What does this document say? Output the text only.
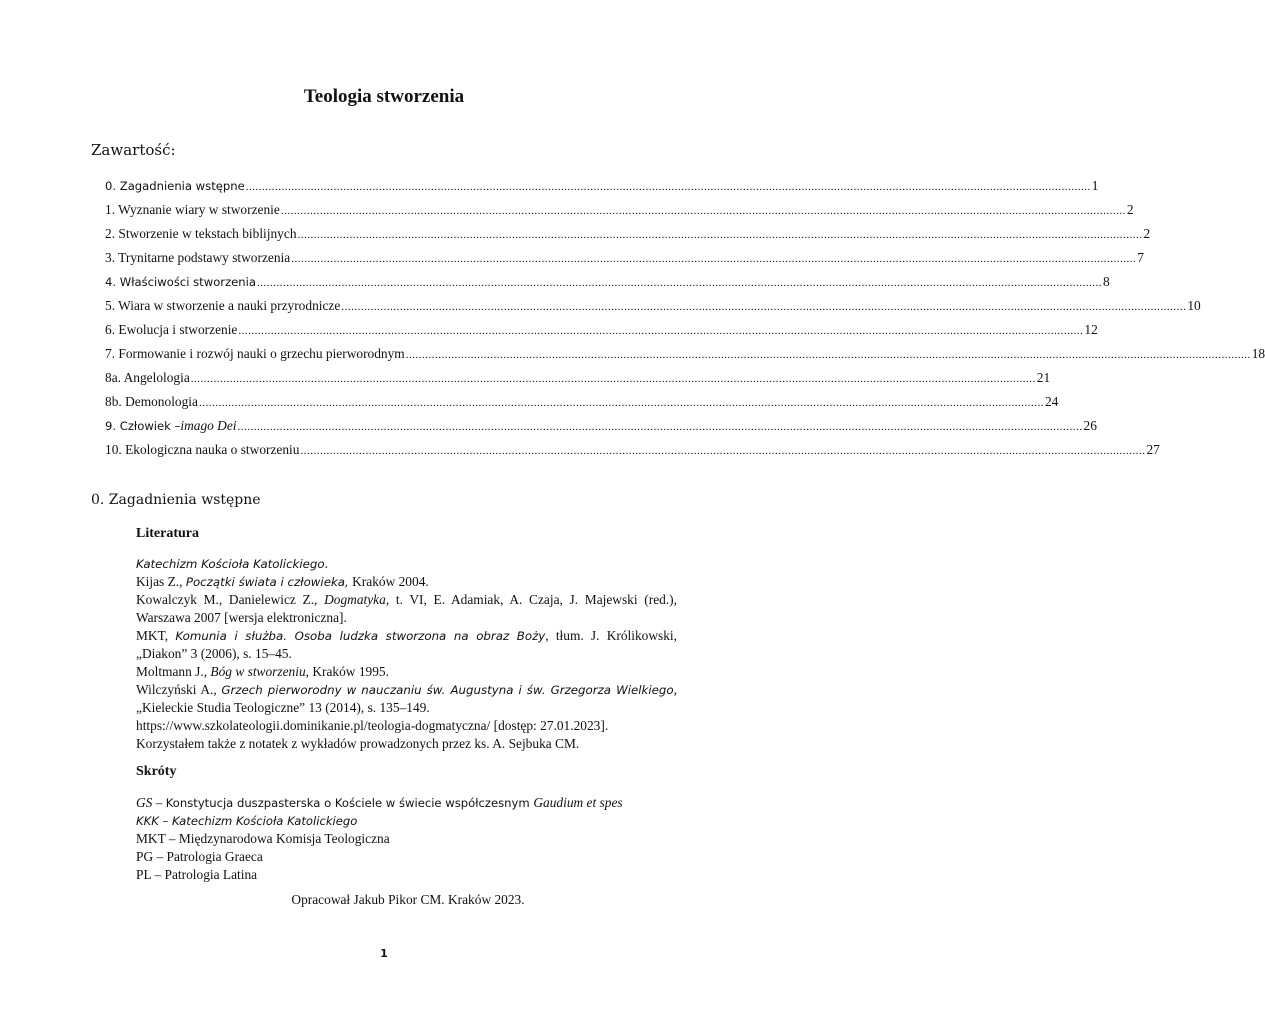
Teologia stworzenia
Zawartość:
0. Zagadnienia wstępne .................................................................................................................................................................................................................................................................... 1
1. Wyznanie wiary w stworzenie .................................................................................................................................................................................................................................................................... 2
2. Stworzenie w tekstach biblijnych .................................................................................................................................................................................................................................................................... 2
3. Trynitarne podstawy stworzenia .................................................................................................................................................................................................................................................................... 7
4. Właściwości stworzenia .................................................................................................................................................................................................................................................................... 8
5. Wiara w stworzenie a nauki przyrodnicze .................................................................................................................................................................................................................................................................... 10
6. Ewolucja i stworzenie .................................................................................................................................................................................................................................................................... 12
7. Formowanie i rozwój nauki o grzechu pierworodnym .................................................................................................................................................................................................................................................................... 18
8a. Angelologia .................................................................................................................................................................................................................................................................... 21
8b. Demonologia .................................................................................................................................................................................................................................................................... 24
9. Człowiek – imago Dei .................................................................................................................................................................................................................................................................... 26
10. Ekologiczna nauka o stworzeniu .................................................................................................................................................................................................................................................................... 27
0. Zagadnienia wstępne
Literatura

Katechizm Kościoła Katolickiego.

Kijas Z., Początki świata i człowieka, Kraków 2004.

Kowalczyk M., Danielewicz Z., Dogmatyka, t. VI, E. Adamiak, A. Czaja, J. Majewski (red.), Warszawa 2007 [wersja elektroniczna].

MKT, Komunia i służba. Osoba ludzka stworzona na obraz Boży, tłum. J. Królikowski, „Diakon” 3 (2006), s. 15–45.

Moltmann J., Bóg w stworzeniu, Kraków 1995.

Wilczyński A., Grzech pierworodny w nauczaniu św. Augustyna i św. Grzegorza Wielkiego, „Kieleckie Studia Teologiczne” 13 (2014), s. 135–149.

https://www.szkolateologii.dominikanie.pl/teologia-dogmatyczna/ [dostęp: 27.01.2023].

Korzystałem także z notatek z wykładów prowadzonych przez ks. A. Sejbuka CM.

Skróty

GS – Konstytucja duszpasterska o Kościele w świecie współczesnym Gaudium et spes

KKK – Katechizm Kościoła Katolickiego

MKT – Międzynarodowa Komisja Teologiczna

PG – Patrologia Graeca

PL – Patrologia Latina

Opracował Jakub Pikor CM. Kraków 2023.

1
